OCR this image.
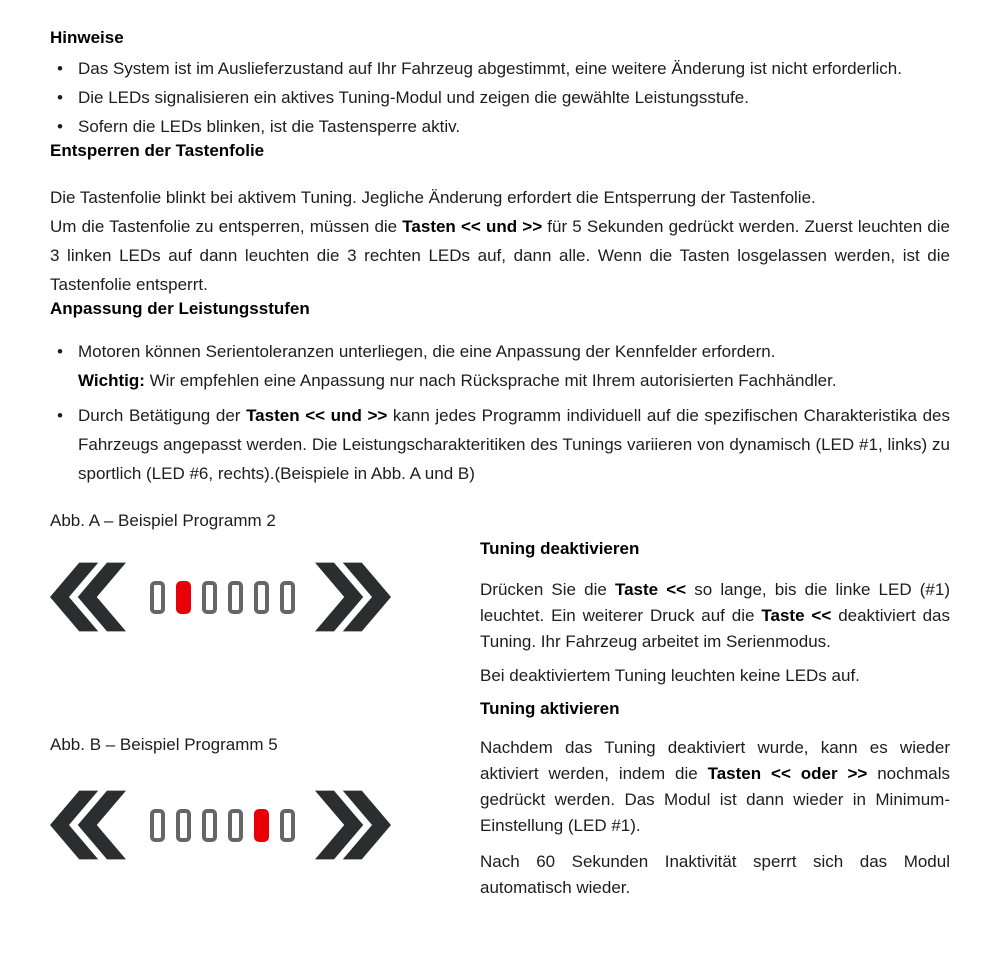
Hinweise
• Das System ist im Auslieferzustand auf Ihr Fahrzeug abgestimmt, eine weitere Änderung ist nicht erforderlich.
• Die LEDs signalisieren ein aktives Tuning-Modul und zeigen die gewählte Leistungsstufe.
• Sofern die LEDs blinken, ist die Tastensperre aktiv.
Entsperren der Tastenfolie

Die Tastenfolie blinkt bei aktivem Tuning. Jegliche Änderung erfordert die Entsperrung der Tastenfolie.

Um die Tastenfolie zu entsperren, müssen die Tasten << und >> für 5 Sekunden gedrückt werden. Zuerst leuchten die 3 linken LEDs auf dann leuchten die 3 rechten LEDs auf, dann alle. Wenn die Tasten losgelassen werden, ist die Tastenfolie entsperrt.

Anpassung der Leistungsstufen
• Motoren können Serientoleranzen unterliegen, die eine Anpassung der Kennfelder erfordern.
Wichtig: Wir empfehlen eine Anpassung nur nach Rücksprache mit Ihrem autorisierten Fachhändler.
• Durch Betätigung der Tasten << und >> kann jedes Programm individuell auf die spezifischen Charakteristika des Fahrzeugs angepasst werden. Die Leistungscharakteritiken des Tunings variieren von dynamisch (LED #1, links) zu sportlich (LED #6, rechts).(Beispiele in Abb. A und B)

Abb. A – Beispiel Programm 2

Abb. B – Beispiel Programm 5

Tuning deaktivieren

Drücken Sie die Taste << so lange, bis die linke LED (#1) leuchtet. Ein weiterer Druck auf die Taste << deaktiviert das Tuning. Ihr Fahrzeug arbeitet im Serienmodus.

Bei deaktiviertem Tuning leuchten keine LEDs auf.

Tuning aktivieren

Nachdem das Tuning deaktiviert wurde, kann es wieder aktiviert werden, indem die Tasten << oder >> nochmals gedrückt werden. Das Modul ist dann wieder in Minimum-Einstellung (LED #1).

Nach 60 Sekunden Inaktivität sperrt sich das Modul automatisch wieder.
